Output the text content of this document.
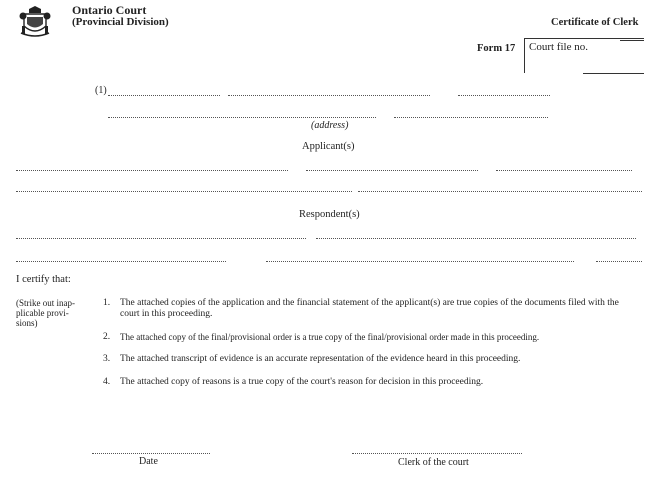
Ontario Court
(Provincial Division)	Certificate of Clerk
Form 17 Court file no.
(1)
(address)
Applicant(s)
Respondent(s)
I certify that:
(Strike out inap-plicable provi-sions)
1. The attached copies of the application and the financial statement of the applicant(s) are true copies of the documents filed with the court in this proceeding.
2. The attached copy of the final/provisional order is a true copy of the final/provisional order made in this proceeding.
3. The attached transcript of evidence is an accurate representation of the evidence heard in this proceeding.
4. The attached copy of reasons is a true copy of the court's reason for decision in this proceeding.
Date	Clerk of the court
